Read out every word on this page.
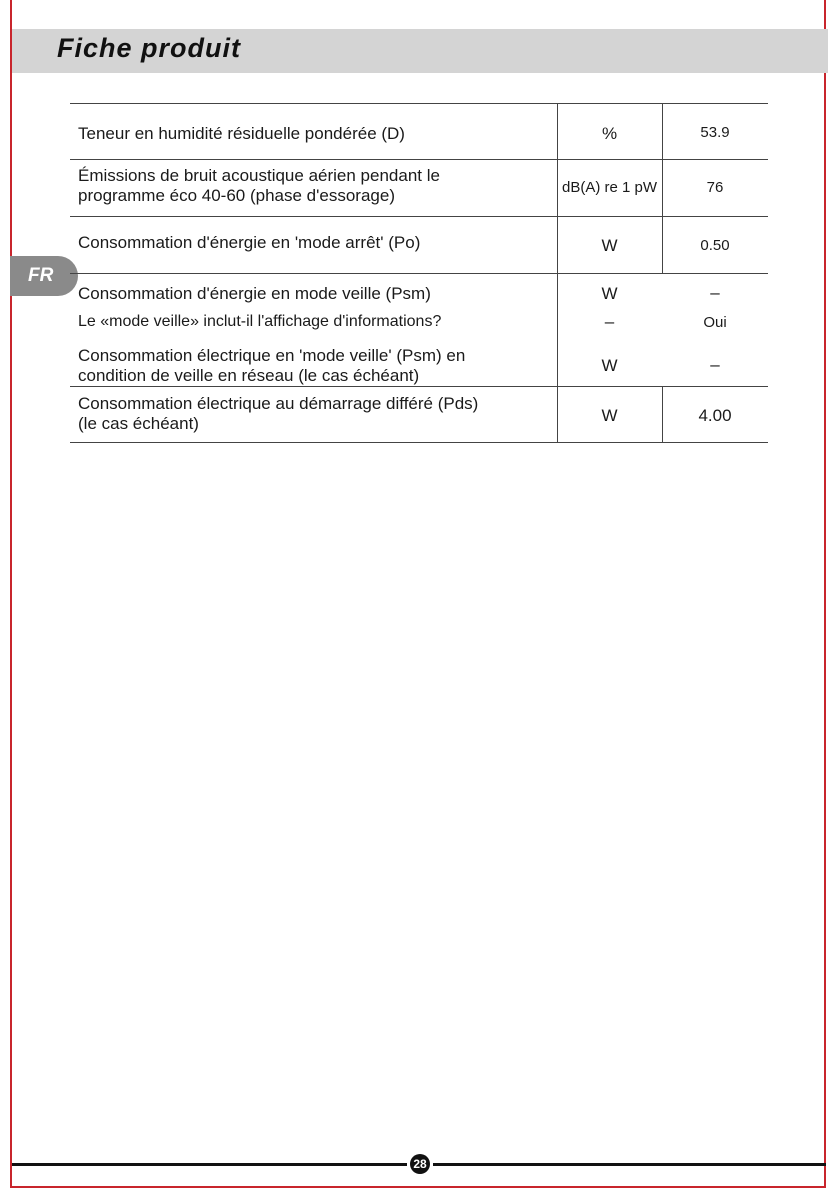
Fiche produit
FR
Teneur en humidité résiduelle pondérée (D)	%	53.9
Émissions de bruit acoustique aérien pendant le
programme éco 40-60 (phase d'essorage)	dB(A) re 1 pW	76
Consommation d'énergie en 'mode arrêt' (Po)	W	0.50
Consommation d'énergie en mode veille (Psm)	W	–
Le «mode veille» inclut-il l'affichage d'informations?	–	Oui
Consommation électrique en 'mode veille' (Psm) en
condition de veille en réseau (le cas échéant)
W	–
Consommation électrique au démarrage différé (Pds)
(le cas échéant)	W	4.00
28
